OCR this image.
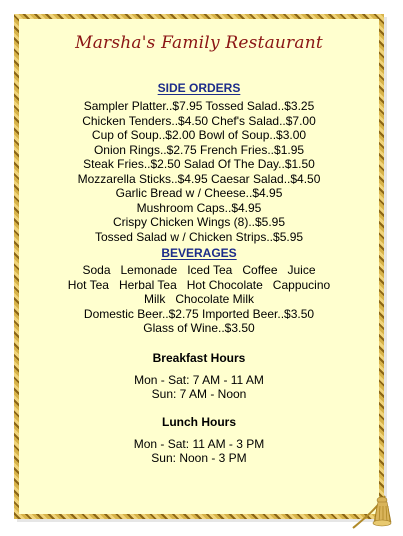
Marsha's Family Restaurant
SIDE ORDERS

Sampler Platter..$7.95 Tossed Salad..$3.25

Chicken Tenders..$4.50 Chef's Salad..$7.00

Cup of Soup..$2.00 Bowl of Soup..$3.00

Onion Rings..$2.75 French Fries..$1.95

Steak Fries..$2.50 Salad Of The Day..$1.50

Mozzarella Sticks..$4.95 Caesar Salad..$4.50

Garlic Bread w / Cheese..$4.95

Mushroom Caps..$4.95

Crispy Chicken Wings (8)..$5.95

Tossed Salad w / Chicken Strips..$5.95

BEVERAGES

Soda   Lemonade   Iced Tea   Coffee   Juice

Hot Tea   Herbal Tea   Hot Chocolate   Cappucino

Milk   Chocolate Milk

Domestic Beer..$2.75 Imported Beer..$3.50

Glass of Wine..$3.50

Breakfast Hours

Mon - Sat: 7 AM - 11 AM

Sun: 7 AM - Noon

Lunch Hours

Mon - Sat: 11 AM - 3 PM

Sun: Noon - 3 PM
